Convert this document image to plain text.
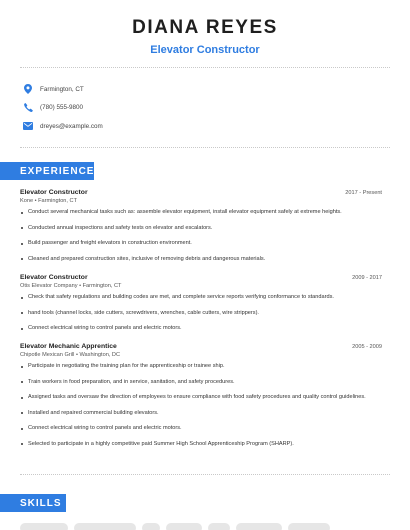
DIANA REYES
Elevator Constructor
Farmington, CT
(780) 555-9800
dreyes@example.com
EXPERIENCE
Elevator Constructor	2017 - Present
Kone • Farmington, CT
Conduct several mechanical tasks such as: assemble elevator equipment, install elevator equipment safely at extreme heights.
Conducted annual inspections and safety tests on elevator and escalators.
Build passenger and freight elevators in construction environment.
Cleaned and prepared construction sites, inclusive of removing debris and dangerous materials.
Elevator Constructor	2009 - 2017
Otis Elevator Company • Farmington, CT
Check that safety regulations and building codes are met, and complete service reports verifying conformance to standards.
hand tools (channel locks, side cutters, screwdrivers, wrenches, cable cutters, wire strippers).
Connect electrical wiring to control panels and electric motors.
Elevator Mechanic Apprentice	2005 - 2009
Chipotle Mexican Grill • Washington, DC
Participate in negotiating the training plan for the apprenticeship or trainee ship.
Train workers in food preparation, and in service, sanitation, and safety procedures.
Assigned tasks and oversaw the direction of employees to ensure compliance with food safety procedures and quality control guidelines.
Installed and repaired commercial building elevators.
Connect electrical wiring to control panels and electric motors.
Selected to participate in a highly competitive paid Summer High School Apprenticeship Program (SHARP).
SKILLS
